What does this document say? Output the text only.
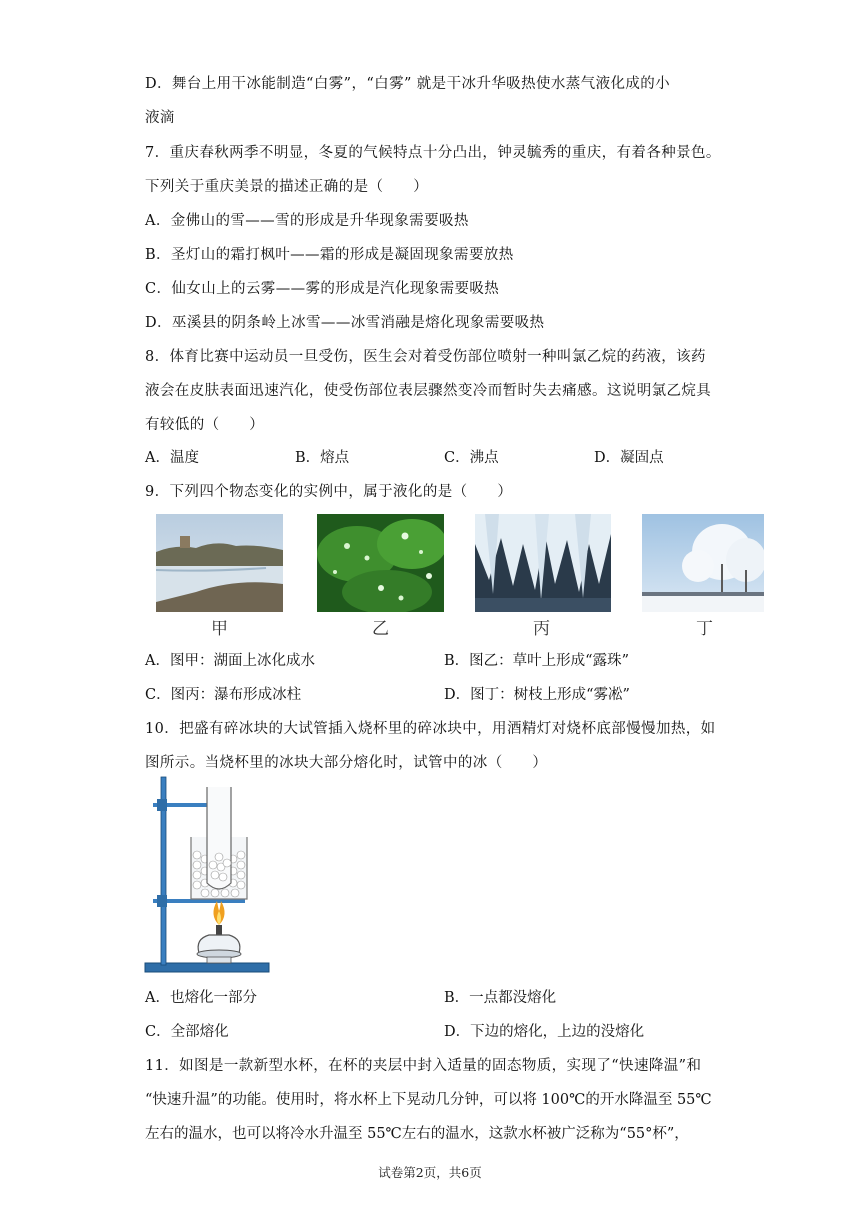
D．舞台上用干冰能制造“白雾”，“白雾” 就是干冰升华吸热使水蒸气液化成的小
液滴
7．重庆春秋两季不明显，冬夏的气候特点十分凸出，钟灵毓秀的重庆，有着各种景色。
下列关于重庆美景的描述正确的是（　　）
A．金佛山的雪——雪的形成是升华现象需要吸热
B．圣灯山的霜打枫叶——霜的形成是凝固现象需要放热
C．仙女山上的云雾——雾的形成是汽化现象需要吸热
D．巫溪县的阴条岭上冰雪——冰雪消融是熔化现象需要吸热
8．体育比赛中运动员一旦受伤，医生会对着受伤部位喷射一种叫氯乙烷的药液，该药
液会在皮肤表面迅速汽化，使受伤部位表层骤然变冷而暂时失去痛感。这说明氯乙烷具
有较低的（　　）
A．温度	B．熔点	C．沸点	D．凝固点
9．下列四个物态变化的实例中，属于液化的是（　　）
甲	乙	丙	丁
A．图甲：湖面上冰化成水	B．图乙：草叶上形成“露珠”
C．图丙：瀑布形成冰柱	D．图丁：树枝上形成“雾凇”
10．把盛有碎冰块的大试管插入烧杯里的碎冰块中，用酒精灯对烧杯底部慢慢加热，如
图所示。当烧杯里的冰块大部分熔化时，试管中的冰（　　）
A．也熔化一部分	B．一点都没熔化
C．全部熔化	D．下边的熔化，上边的没熔化
11．如图是一款新型水杯，在杯的夹层中封入适量的固态物质，实现了“快速降温”和
“快速升温”的功能。使用时，将水杯上下晃动几分钟，可以将 100℃的开水降温至 55℃
左右的温水，也可以将冷水升温至 55℃左右的温水，这款水杯被广泛称为“55°杯”，
试卷第2页，共6页
